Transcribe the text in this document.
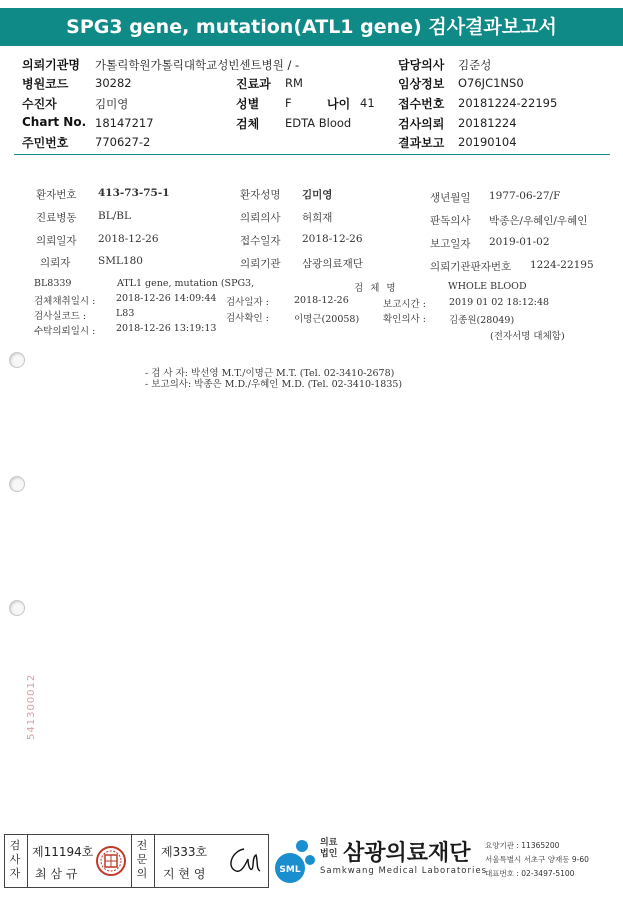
SPG3 gene, mutation(ATL1 gene) 검사결과보고서
의뢰기관명 가톨릭학원가톨릭대학교성빈센트병원 / -	담당의사 김준성
병원코드 30282	진료과 RM	임상정보 O76JC1NS0
수진자	김미영	성별 F	나이 41 접수번호 20181224-22195
Chart No. 18147217	검체 EDTA Blood	검사의뢰 20181224
주민번호 770627-2	결과보고 20190104
환자번호 413-73-75-1	환자성명 김미영	생년월일 1977-06-27/F
진료병동 BL/BL	의뢰의사 허희재	판독의사 박종은/우혜인/우혜인
의뢰일자 2018-12-26	접수일자 2018-12-26	보고일자 2019-01-02
의뢰자	SML180	의뢰기관 삼광의료재단	의뢰기관판자번호 1224-22195
BL8339	ATL1 gene, mutation (SPG3,	검 체 명	WHOLE BLOOD
검체채취일시 : 2018-12-26 14:09:44 검사일자 :	2018-12-26	보고시간 : 2019 01 02 18:12:48
검사실코드 :	L83	검사확인 :	이명근(20058)	확인의사 : 김종원(28049)
수탁의뢰일시 : 2018-12-26 13:19:13
(전자서명 대체함)
- 검 사 자: 박선영 M.T./이명근 M.T. (Tel. 02-3410-2678)
- 보고의사: 박종은 M.D./우혜인 M.D. (Tel. 02-3410-1835)
541300012
검
사
자
제11194호
최 삼 규
전
문
의
제333호
지 현 영	SML
의료법인 삼광의료재단
Samkwang Medical Laboratories
요양기관 : 11365200
서울특별시 서초구 양재동 9-60
대표번호 : 02-3497-5100
